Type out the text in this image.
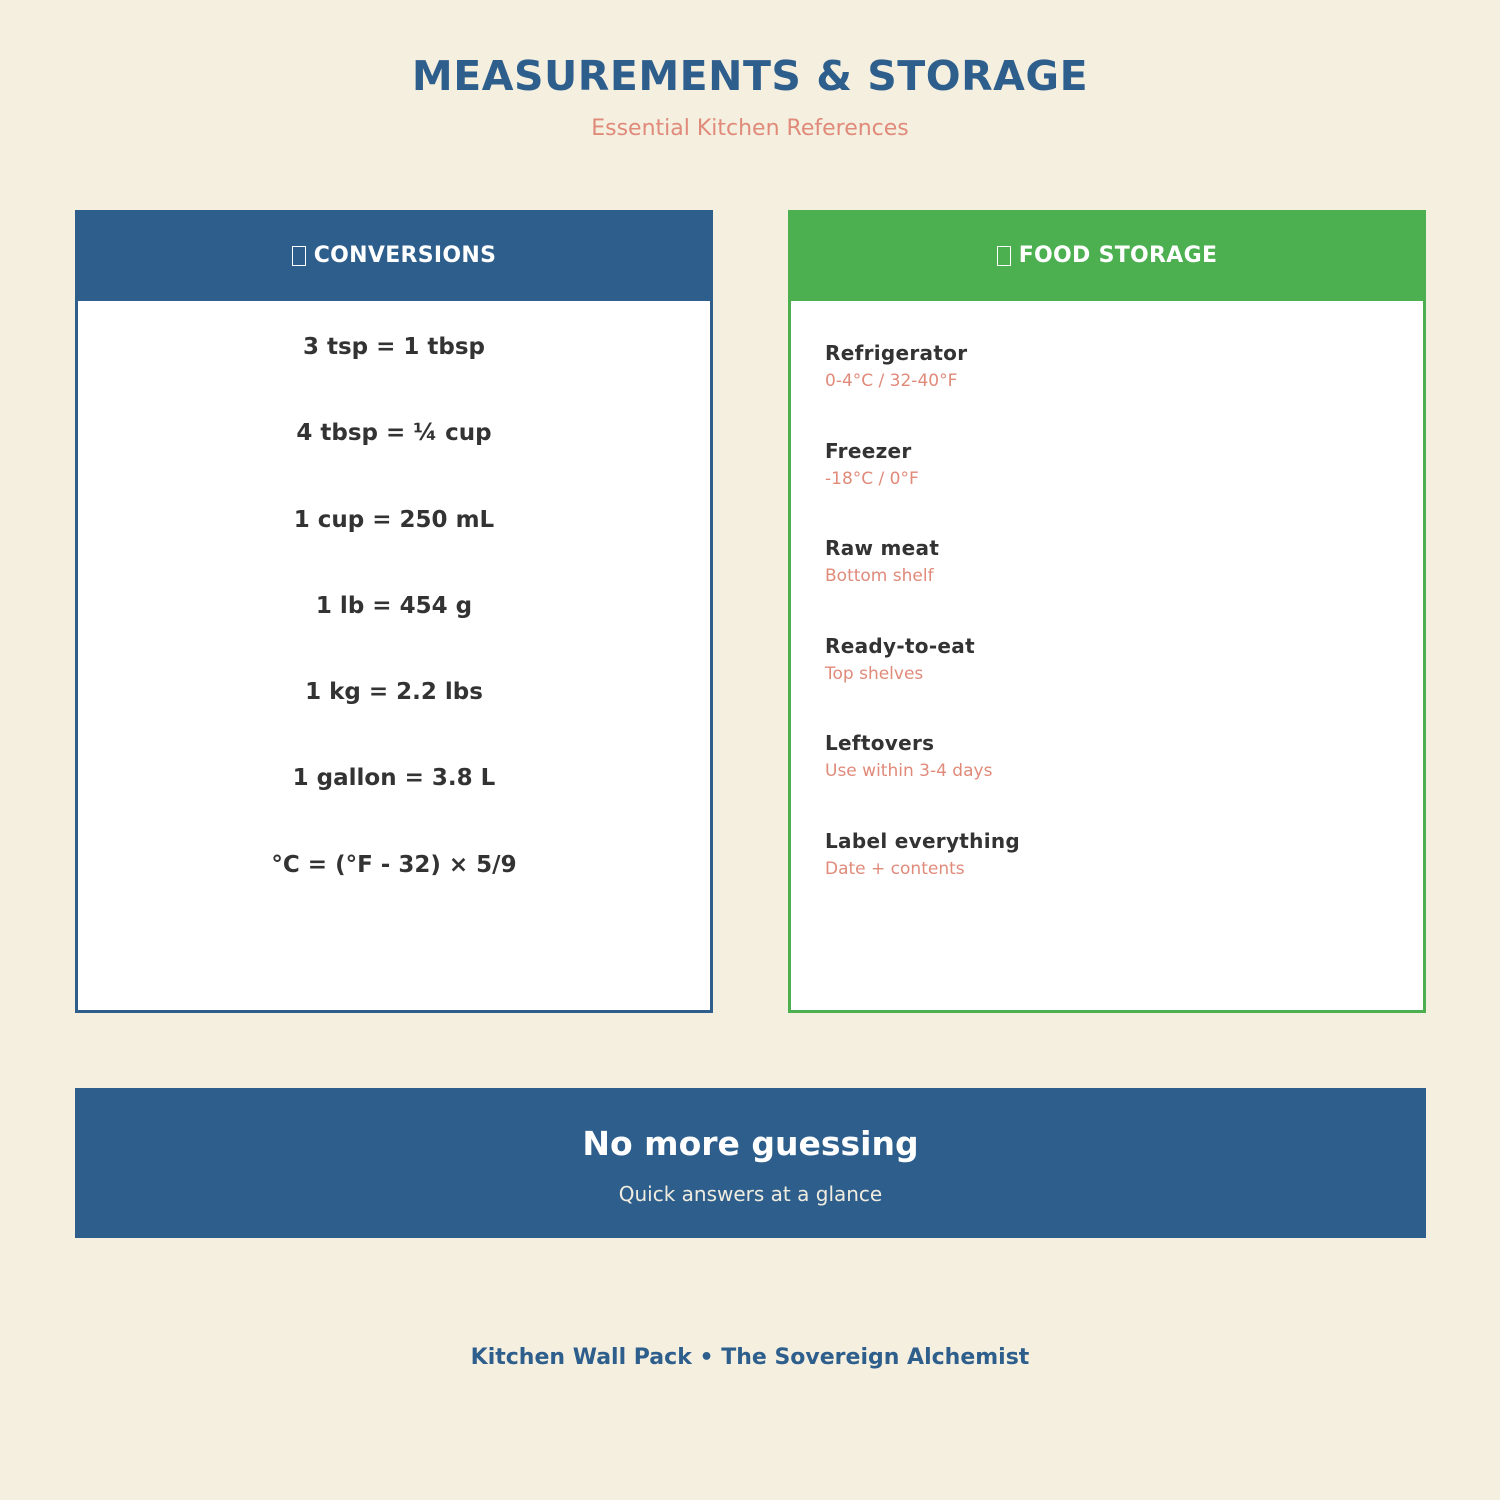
MEASUREMENTS & STORAGE
Essential Kitchen References
CONVERSIONS
3 tsp = 1 tbsp
4 tbsp = ¼ cup
1 cup = 250 mL
1 lb = 454 g
1 kg = 2.2 lbs
1 gallon = 3.8 L
°C = (°F - 32) × 5/9
FOOD STORAGE
Refrigerator
0-4°C / 32-40°F
Freezer
-18°C / 0°F
Raw meat
Bottom shelf
Ready-to-eat
Top shelves
Leftovers
Use within 3-4 days
Label everything
Date + contents
No more guessing
Quick answers at a glance
Kitchen Wall Pack • The Sovereign Alchemist
